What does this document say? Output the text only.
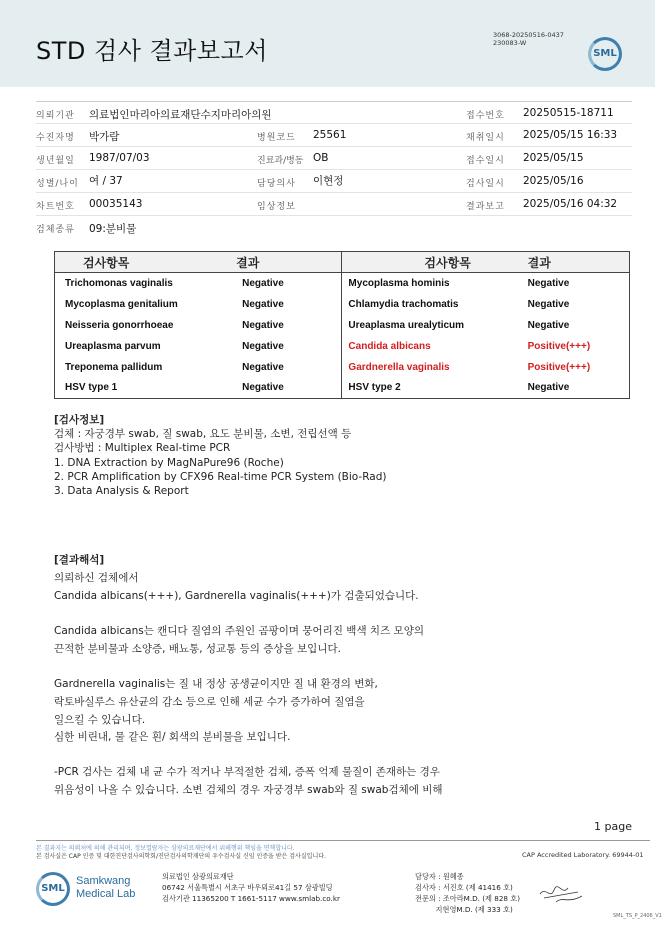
STD 검사 결과보고서
3068-20250516-0437
230083-W
SML
의뢰기관 의료법인마리아의료재단수지마리아의원	접수번호 20250515-18711
수진자명 박가람	병원코드 25561	채취일시 2025/05/15 16:33
생년월일 1987/07/03	진료과/병동 OB	접수일시 2025/05/15
성별/나이 여 / 37	담당의사 이현정	검사일시 2025/05/16
차트번호 00035143	임상정보	결과보고 2025/05/16 04:32
검체종류 09:분비물
검사항목	결과	검사항목	결과
Trichomonas vaginalis	Negative	Mycoplasma hominis	Negative
Mycoplasma genitalium	Negative	Chlamydia trachomatis	Negative
Neisseria gonorrhoeae	Negative	Ureaplasma urealyticum	Negative
Ureaplasma parvum	Negative	Candida albicans	Positive(+++)
Treponema pallidum	Negative	Gardnerella vaginalis	Positive(+++)
HSV type 1	Negative	HSV type 2	Negative
[검사정보]
검체 : 자궁경부 swab, 질 swab, 요도 분비물, 소변, 전립선액 등
검사방법 : Multiplex Real-time PCR
1. DNA Extraction by MagNaPure96 (Roche)
2. PCR Amplification by CFX96 Real-time PCR System (Bio-Rad)
3. Data Analysis & Report
[결과해석]
의뢰하신 검체에서
Candida albicans(+++), Gardnerella vaginalis(+++)가 검출되었습니다.
Candida albicans는 캔디다 질염의 주원인 곰팡이며 뭉어리진 백색 치즈 모양의
끈적한 분비물과 소양증, 배뇨통, 성교통 등의 증상을 보입니다.
Gardnerella vaginalis는 질 내 정상 공생균이지만 질 내 환경의 변화,
락토바실루스 유산균의 감소 등으로 인해 세균 수가 증가하여 질염을
일으킬 수 있습니다.
심한 비린내, 물 같은 흰/ 회색의 분비물을 보입니다.
-PCR 검사는 검체 내 균 수가 적거나 부적절한 검체, 증폭 억제 물질이 존재하는 경우
위음성이 나올 수 있습니다. 소변 검체의 경우 자궁경부 swab와 질 swab검체에 비해
1 page
본 결과지는 의뢰처에 의해 관리되며, 정보열람자는 삼광의료재단에서 위해행위 책임을 면책합니다.
본 검사실은 CAP 인증 및 대한진단검사의학회/진단검사의학재단의 우수검사실 신임 인증을 받은 검사실입니다.	CAP Accredited Laboratory. 69944-01
SML
Samkwang
Medical Lab
의료법인 삼광의료재단
06742 서울특별시 서초구 바우뫼로41길 57 삼광빌딩
검사기관 11365200 T 1661-5117 www.smlab.co.kr
담당자 : 원혜종
검사자 : 서진호 (제 41416 호)
전문의 : 조아라M.D. (제 828 호)
지현영M.D. (제 333 호)
SML_TS_P_2406_V1
